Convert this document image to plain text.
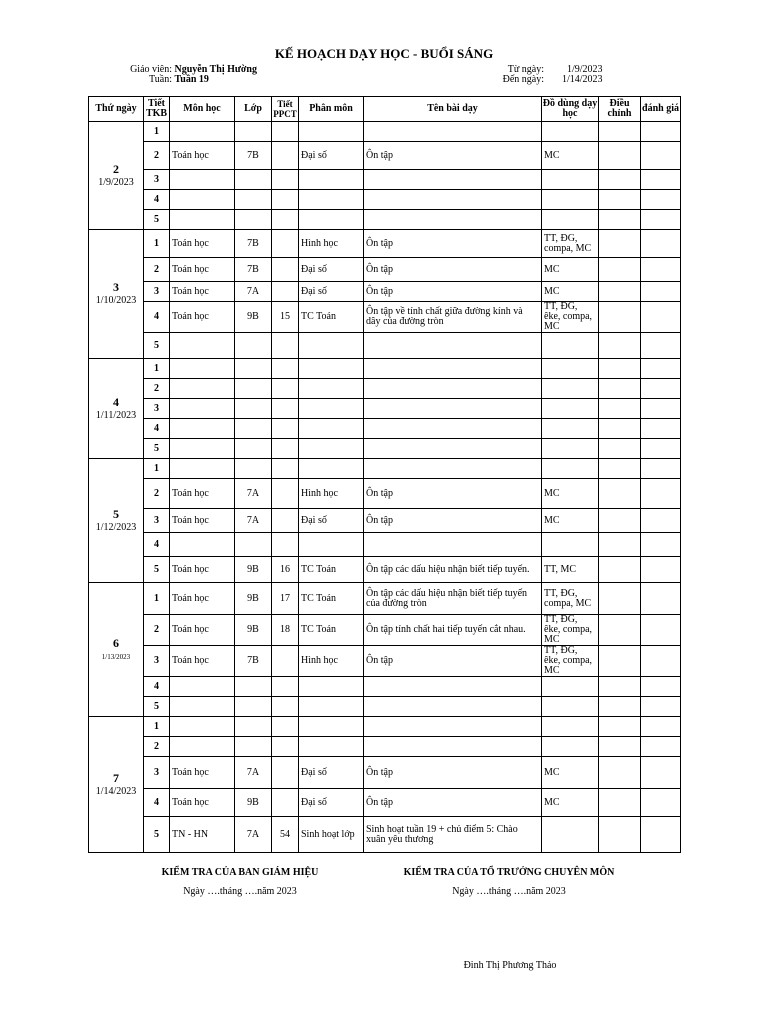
KẾ HOẠCH DẠY HỌC - BUỔI SÁNG
Giáo viên: Nguyễn Thị Hường
Tuần: Tuần 19
Từ ngày: 1/9/2023
Đến ngày: 1/14/2023
Thứ ngày	Tiết TKB	Môn học	Lớp	Tiết PPCT	Phân môn	Tên bài dạy	Đồ dùng dạy học	Điều chỉnh	đánh giá

2
1/9/2023	1								
	2	Toán học	7B		Đại số	Ôn tập	MC		
	3								
	4								
	5								

3
1/10/2023	1	Toán học	7B		Hình học	Ôn tập	TT, ĐG, compa, MC		
	2	Toán học	7B		Đại số	Ôn tập	MC		
	3	Toán học	7A		Đại số	Ôn tập	MC		
	4	Toán học	9B	15	TC Toán	Ôn tập về tính chất giữa đường kính và dây của đường tròn	TT, ĐG, êke, compa, MC		
	5								

4
1/11/2023	1								
	2								
	3								
	4								
	5								

5
1/12/2023	1								
	2	Toán học	7A		Hình học	Ôn tập	MC		
	3	Toán học	7A		Đại số	Ôn tập	MC		
	4								
	5	Toán học	9B	16	TC Toán	Ôn tập các dấu hiệu nhận biết tiếp tuyến.	TT, MC		

6
1/13/2023	1	Toán học	9B	17	TC Toán	Ôn tập các dấu hiệu nhận biết tiếp tuyến của đường tròn	TT, ĐG, compa, MC		
	2	Toán học	9B	18	TC Toán	Ôn tập tính chất hai tiếp tuyến cắt nhau.	TT, ĐG, êke, compa, MC		
	3	Toán học	7B		Hình học	Ôn tập	TT, ĐG, êke, compa, MC		
	4								
	5								

7
1/14/2023	1								
	2								
	3	Toán học	7A		Đại số	Ôn tập	MC		
	4	Toán học	9B		Đại số	Ôn tập	MC		
	5	TN - HN	7A	54	Sinh hoạt lớp	Sinh hoạt tuần 19 + chủ điểm 5: Chào xuân yêu thương			
KIỂM TRA CỦA BAN GIÁM HIỆU
Ngày ….tháng ….năm 2023
KIỂM TRA CỦA TỔ TRƯỞNG CHUYÊN MÔN
Ngày ….tháng ….năm 2023
Đinh Thị Phương Thảo
